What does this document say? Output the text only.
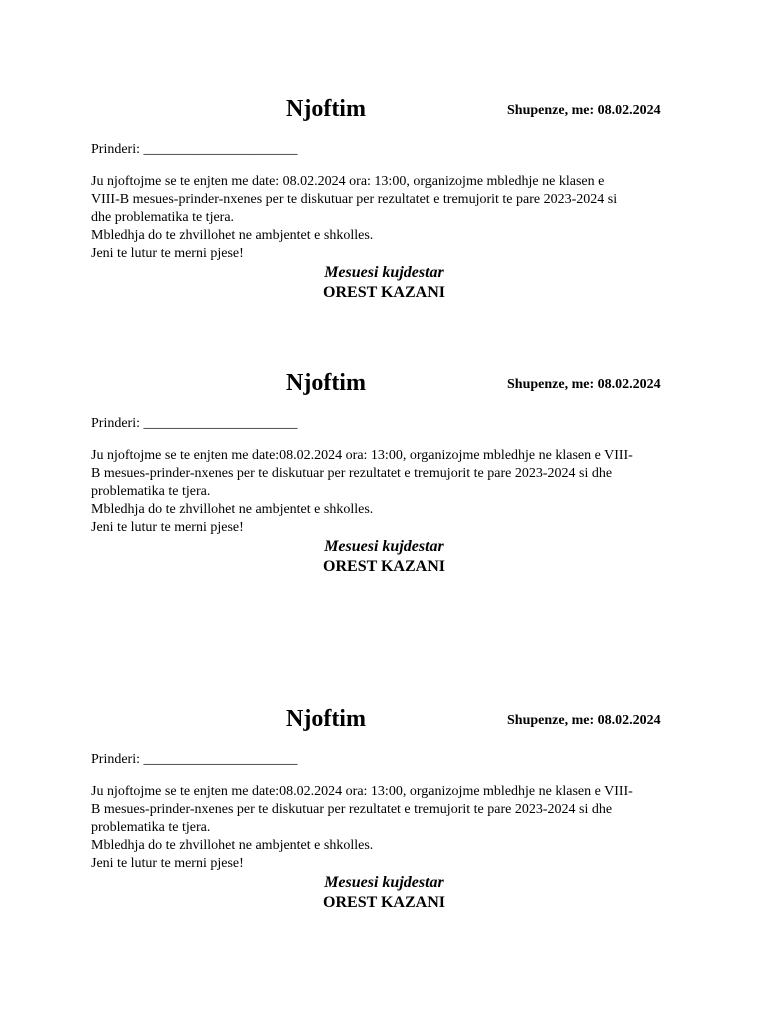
Njoftim	Shupenze, me: 08.02.2024
Prinderi: ______________________
Ju njoftojme se te enjten me date: 08.02.2024 ora: 13:00, organizojme mbledhje ne klasen e
VIII-B mesues-prinder-nxenes per te diskutuar per rezultatet e tremujorit te pare 2023-2024 si
dhe problematika te tjera.
Mbledhja do te zhvillohet ne ambjentet e shkolles.
Jeni te lutur te merni pjese!
Mesuesi kujdestar
OREST KAZANI
Njoftim	Shupenze, me: 08.02.2024
Prinderi: ______________________
Ju njoftojme se te enjten me date:08.02.2024 ora: 13:00, organizojme mbledhje ne klasen e VIII-
B mesues-prinder-nxenes per te diskutuar per rezultatet e tremujorit te pare 2023-2024 si dhe
problematika te tjera.
Mbledhja do te zhvillohet ne ambjentet e shkolles.
Jeni te lutur te merni pjese!
Mesuesi kujdestar
OREST KAZANI
Njoftim	Shupenze, me: 08.02.2024
Prinderi: ______________________
Ju njoftojme se te enjten me date:08.02.2024 ora: 13:00, organizojme mbledhje ne klasen e VIII-
B mesues-prinder-nxenes per te diskutuar per rezultatet e tremujorit te pare 2023-2024 si dhe
problematika te tjera.
Mbledhja do te zhvillohet ne ambjentet e shkolles.
Jeni te lutur te merni pjese!
Mesuesi kujdestar
OREST KAZANI
